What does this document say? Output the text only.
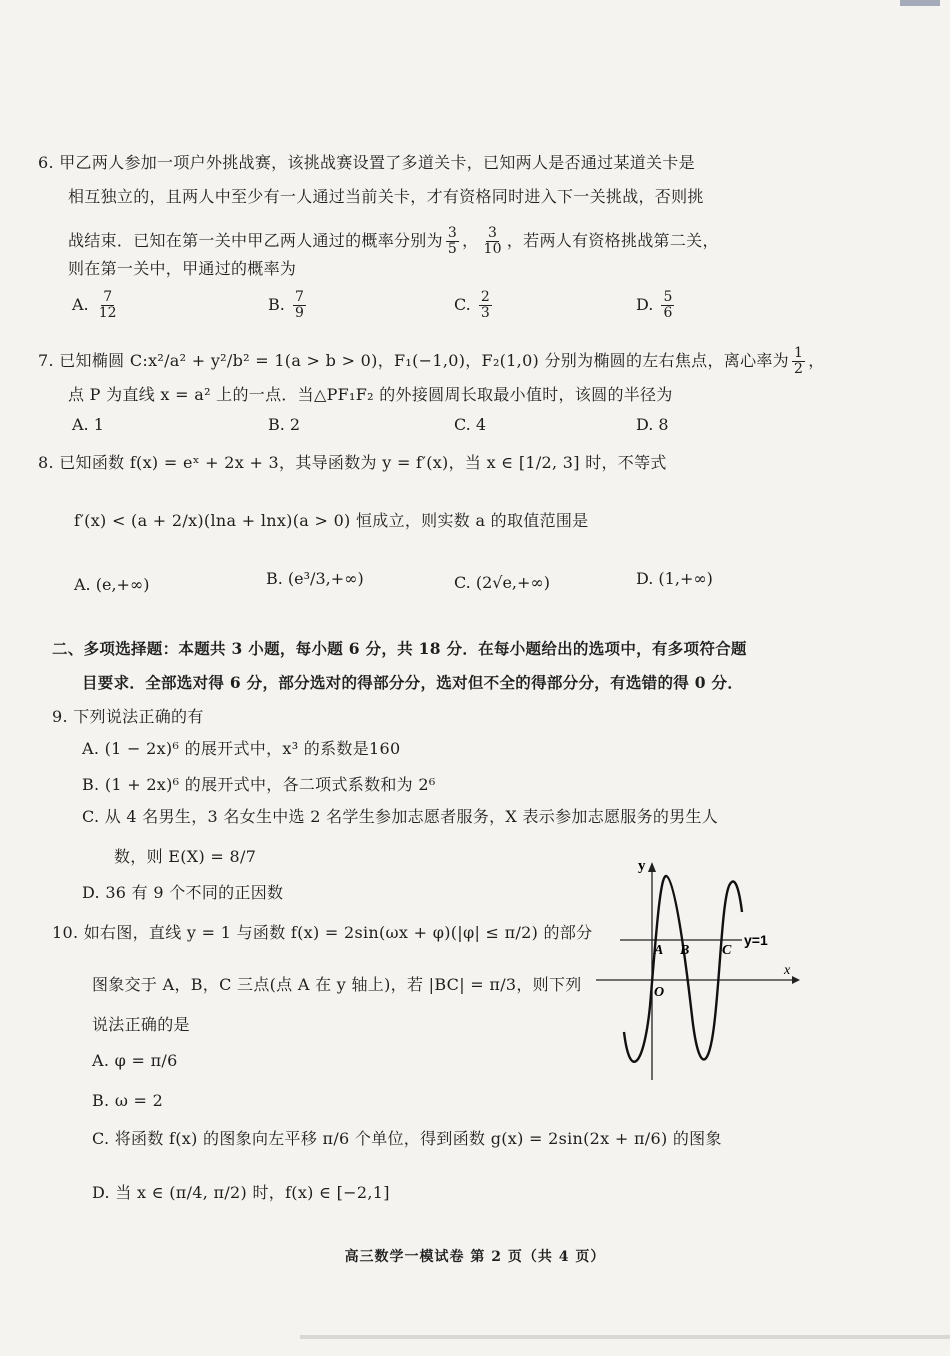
6. 甲乙两人参加一项户外挑战赛，该挑战赛设置了多道关卡，已知两人是否通过某道关卡是
相互独立的，且两人中至少有一人通过当前关卡，才有资格同时进入下一关挑战，否则挑
战结束．已知在第一关中甲乙两人通过的概率分别为 $\frac{3}{5}$ ， $\frac{3}{10}$ ，若两人有资格挑战第二关，
则在第一关中，甲通过的概率为
A. $\frac{7}{12}$	B. $\frac{7}{9}$	C. $\frac{2}{3}$	D. $\frac{5}{6}$
7. 已知椭圆 C:x²/a² + y²/b² = 1(a > b > 0)，F₁(−1,0)，F₂(1,0) 分别为椭圆的左右焦点，离心率为 $\frac{1}{2}$ ，
点 P 为直线 x = a² 上的一点．当△PF₁F₂ 的外接圆周长取最小值时，该圆的半径为
A. 1	B. 2	C. 4	D. 8
8. 已知函数 f(x) = eˣ + 2x + 3，其导函数为 y = f′(x)，当 x ∈ [1/2, 3] 时，不等式
f′(x) < (a + 2/x)(lna + lnx)(a > 0) 恒成立，则实数 a 的取值范围是
A. (e,+∞)	B. (e³/3,+∞)	C. (2√e,+∞)	D. (1,+∞)
二、多项选择题：本题共 3 小题，每小题 6 分，共 18 分．在每小题给出的选项中，有多项符合题
目要求．全部选对得 6 分，部分选对的得部分分，选对但不全的得部分分，有选错的得 0 分．
9. 下列说法正确的有
A. (1 − 2x)⁶ 的展开式中，x³ 的系数是160
B. (1 + 2x)⁶ 的展开式中，各二项式系数和为 2⁶
C. 从 4 名男生，3 名女生中选 2 名学生参加志愿者服务，X 表示参加志愿服务的男生人
数，则 E(X) = 8/7
D. 36 有 9 个不同的正因数
10. 如右图，直线 y = 1 与函数 f(x) = 2sin(ωx + φ)(|φ| ≤ π/2) 的部分
图象交于 A，B，C 三点(点 A 在 y 轴上)，若 |BC| = π/3，则下列
说法正确的是
A. φ = π/6
B. ω = 2
C. 将函数 f(x) 的图象向左平移 π/6 个单位，得到函数 g(x) = 2sin(2x + π/6) 的图象
D. 当 x ∈ (π/4, π/2) 时，f(x) ∈ [−2,1]
y
x
O
A B C
y=1
高三数学一模试卷 第 2 页（共 4 页）
